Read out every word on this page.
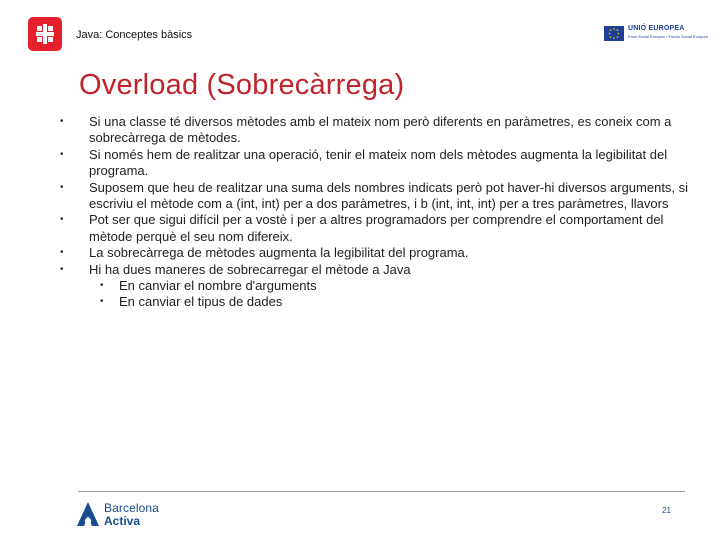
Java: Conceptes bàsics
UNIÓ EUROPEA
Fons Social Europeu / Fondo Social Europeo
Overload (Sobrecàrrega)
• Si una classe té diversos mètodes amb el mateix nom però diferents en paràmetres, es coneix com a sobrecàrrega de mètodes.
• Si només hem de realitzar una operació, tenir el mateix nom dels mètodes augmenta la legibilitat del programa.
• Suposem que heu de realitzar una suma dels nombres indicats però pot haver-hi diversos arguments, si escriviu el mètode com a (int, int) per a dos paràmetres, i b (int, int, int) per a tres paràmetres, llavors
• Pot ser que sigui difícil per a vostè i per a altres programadors per comprendre el comportament del mètode perquè el seu nom difereix.
• La sobrecàrrega de mètodes augmenta la legibilitat del programa.
• Hi ha dues maneres de sobrecarregar el mètode a Java
• En canviar el nombre d'arguments
• En canviar el tipus de dades
Barcelona
Activa
21
